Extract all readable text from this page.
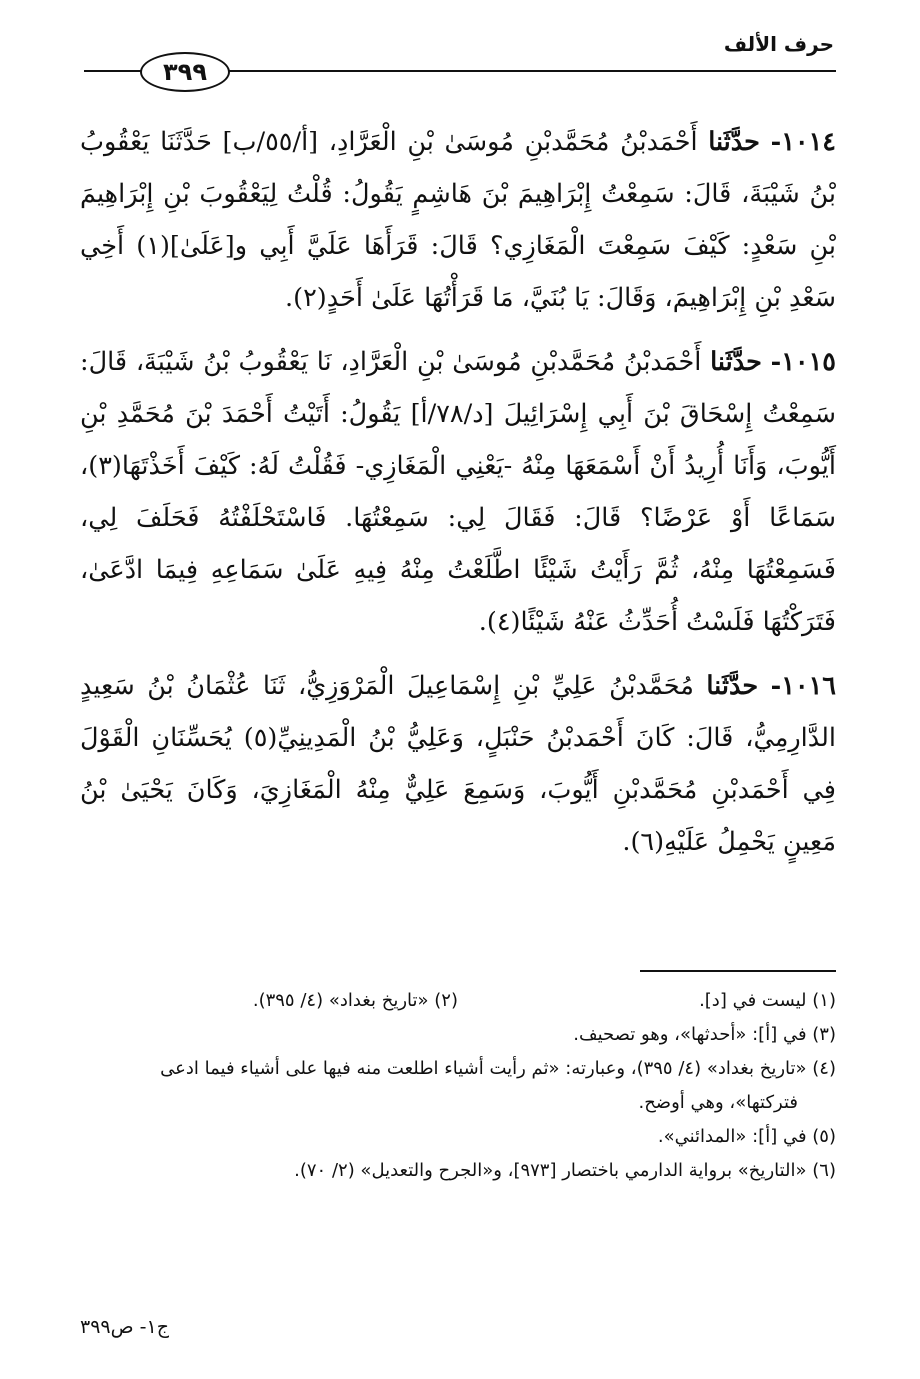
حرف الألف
٣٩٩

١٠١٤- حدَّثَنا أَحْمَدبْنُ مُحَمَّدبْنِ مُوسَىٰ بْنِ الْعَرَّادِ، [أ/٥٥/ب] حَدَّثَنَا يَعْقُوبُ بْنُ شَيْبَةَ، قَالَ: سَمِعْتُ إِبْرَاهِيمَ بْنَ هَاشِمٍ يَقُولُ: قُلْتُ لِيَعْقُوبَ بْنِ إِبْرَاهِيمَ بْنِ سَعْدٍ: كَيْفَ سَمِعْتَ الْمَغَازِي؟ قَالَ: قَرَأَهَا عَلَيَّ أَبِي و[عَلَىٰ](١) أَخِي سَعْدِ بْنِ إِبْرَاهِيمَ، وَقَالَ: يَا بُنَيَّ، مَا قَرَأْتُهَا عَلَىٰ أَحَدٍ(٢).

١٠١٥- حدَّثَنا أَحْمَدبْنُ مُحَمَّدبْنِ مُوسَىٰ بْنِ الْعَرَّادِ، نَا يَعْقُوبُ بْنُ شَيْبَةَ، قَالَ: سَمِعْتُ إِسْحَاقَ بْنَ أَبِي إِسْرَائِيلَ [د/٧٨/أ] يَقُولُ: أَتَيْتُ أَحْمَدَ بْنَ مُحَمَّدِ بْنِ أَيُّوبَ، وَأَنَا أُرِيدُ أَنْ أَسْمَعَهَا مِنْهُ -يَعْنِي الْمَغَازِي- فَقُلْتُ لَهُ: كَيْفَ أَخَذْتَهَا(٣)، سَمَاعًا أَوْ عَرْضًا؟ قَالَ: فَقَالَ لِي: سَمِعْتُهَا. فَاسْتَحْلَفْتُهُ فَحَلَفَ لِي، فَسَمِعْتُهَا مِنْهُ، ثُمَّ رَأَيْتُ شَيْئًا اطَّلَعْتُ مِنْهُ فِيهِ عَلَىٰ سَمَاعِهِ فِيمَا ادَّعَىٰ، فَتَرَكْتُهَا فَلَسْتُ أُحَدِّثُ عَنْهُ شَيْئًا(٤).

١٠١٦- حدَّثَنا مُحَمَّدبْنُ عَلِيِّ بْنِ إِسْمَاعِيلَ الْمَرْوَزِيُّ، ثَنَا عُثْمَانُ بْنُ سَعِيدٍ الدَّارِمِيُّ، قَالَ: كَانَ أَحْمَدبْنُ حَنْبَلٍ، وَعَلِيُّ بْنُ الْمَدِينِيِّ(٥) يُحَسِّنَانِ الْقَوْلَ فِي أَحْمَدبْنِ مُحَمَّدبْنِ أَيُّوبَ، وَسَمِعَ عَلِيٌّ مِنْهُ الْمَغَازِيَ، وَكَانَ يَحْيَىٰ بْنُ مَعِينٍ يَحْمِلُ عَلَيْهِ(٦).

(١) ليست في [د].
(٢) «تاريخ بغداد» (٤/ ٣٩٥).
(٣) في [أ]: «أحدثها»، وهو تصحيف.
(٤) «تاريخ بغداد» (٤/ ٣٩٥)، وعبارته: «ثم رأيت أشياء اطلعت منه فيها على أشياء فيما ادعى
فتركتها»، وهي أوضح.
(٥) في [أ]: «المدائني».
(٦) «التاريخ» برواية الدارمي باختصار [٩٧٣]، و«الجرح والتعديل» (٢/ ٧٠).
ج١- ص٣٩٩
